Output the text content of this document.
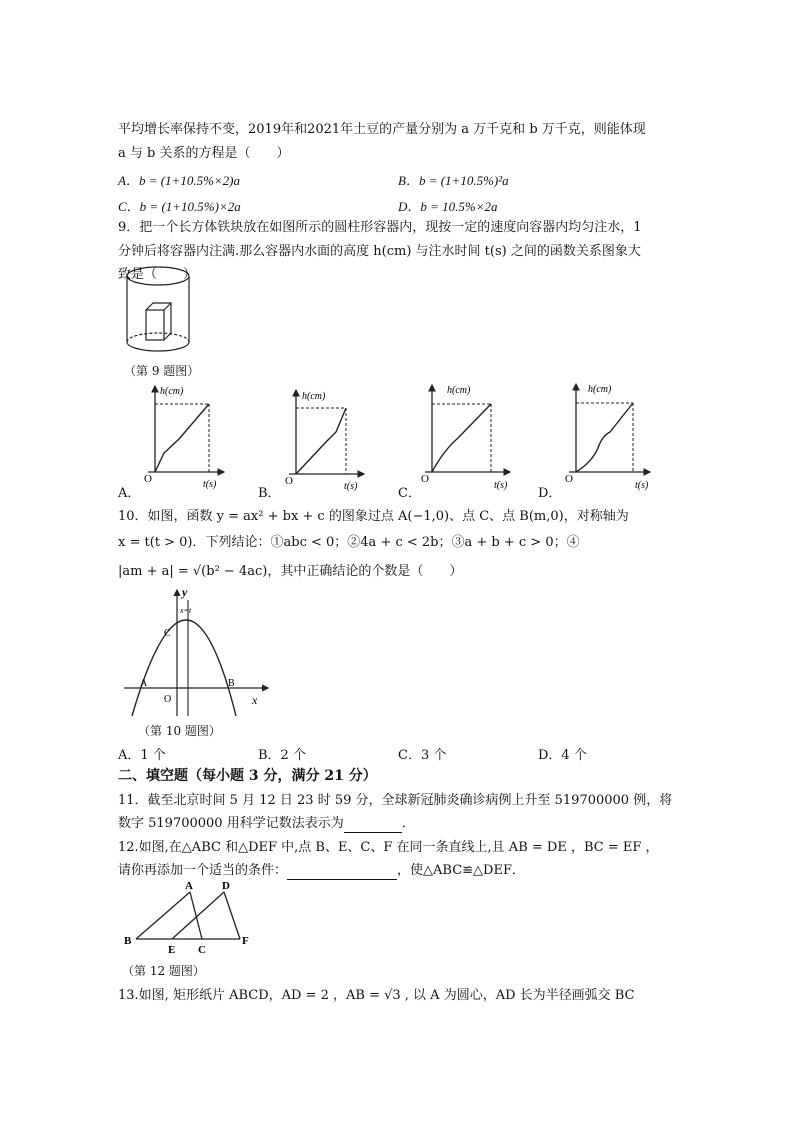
平均增长率保持不变，2019年和2021年土豆的产量分别为 a 万千克和 b 万千克，则能体现
a 与 b 关系的方程是（　　）
A．b = (1+10.5%×2)a	B．b = (1+10.5%)²a
C．b = (1+10.5%)×2a	D．b = 10.5%×2a
9．把一个长方体铁块放在如图所示的圆柱形容器内，现按一定的速度向容器内均匀注水，1
分钟后将容器内注满.那么容器内水面的高度 h(cm) 与注水时间 t(s) 之间的函数关系图象大
致是（　　）
（第 9 题图）
h(cm)
t(s)
O
h(cm)
t(s)
O
h(cm)
t(s)
O
h(cm)
t(s)
O
A．	B．	C．	D．
10．如图，函数 y = ax² + bx + c 的图象过点 A(−1,0)、点 C、点 B(m,0)，对称轴为
x = t(t > 0)．下列结论：①abc < 0；②4a + c < 2b；③a + b + c > 0；④
|am + a| = √(b² − 4ac)，其中正确结论的个数是（　　）
y
x
x=t
C
A	B
O
（第 10 题图）
A．1 个	B．2 个	C．3 个	D．4 个
二、填空题（每小题 3 分，满分 21 分）
11．截至北京时间 5 月 12 日 23 时 59 分，全球新冠肺炎确诊病例上升至 519700000 例，将
数字 519700000 用科学记数法表示为	．
12.如图,在△ABC 和△DEF 中,点 B、E、C、F 在同一条直线上,且 AB = DE ，BC = EF ，
请你再添加一个适当的条件：	，使△ABC≌△DEF．
A	D
B
E C
F
（第 12 题图）
13.如图, 矩形纸片 ABCD，AD = 2 ，AB = √3 , 以 A 为圆心，AD 长为半径画弧交 BC
